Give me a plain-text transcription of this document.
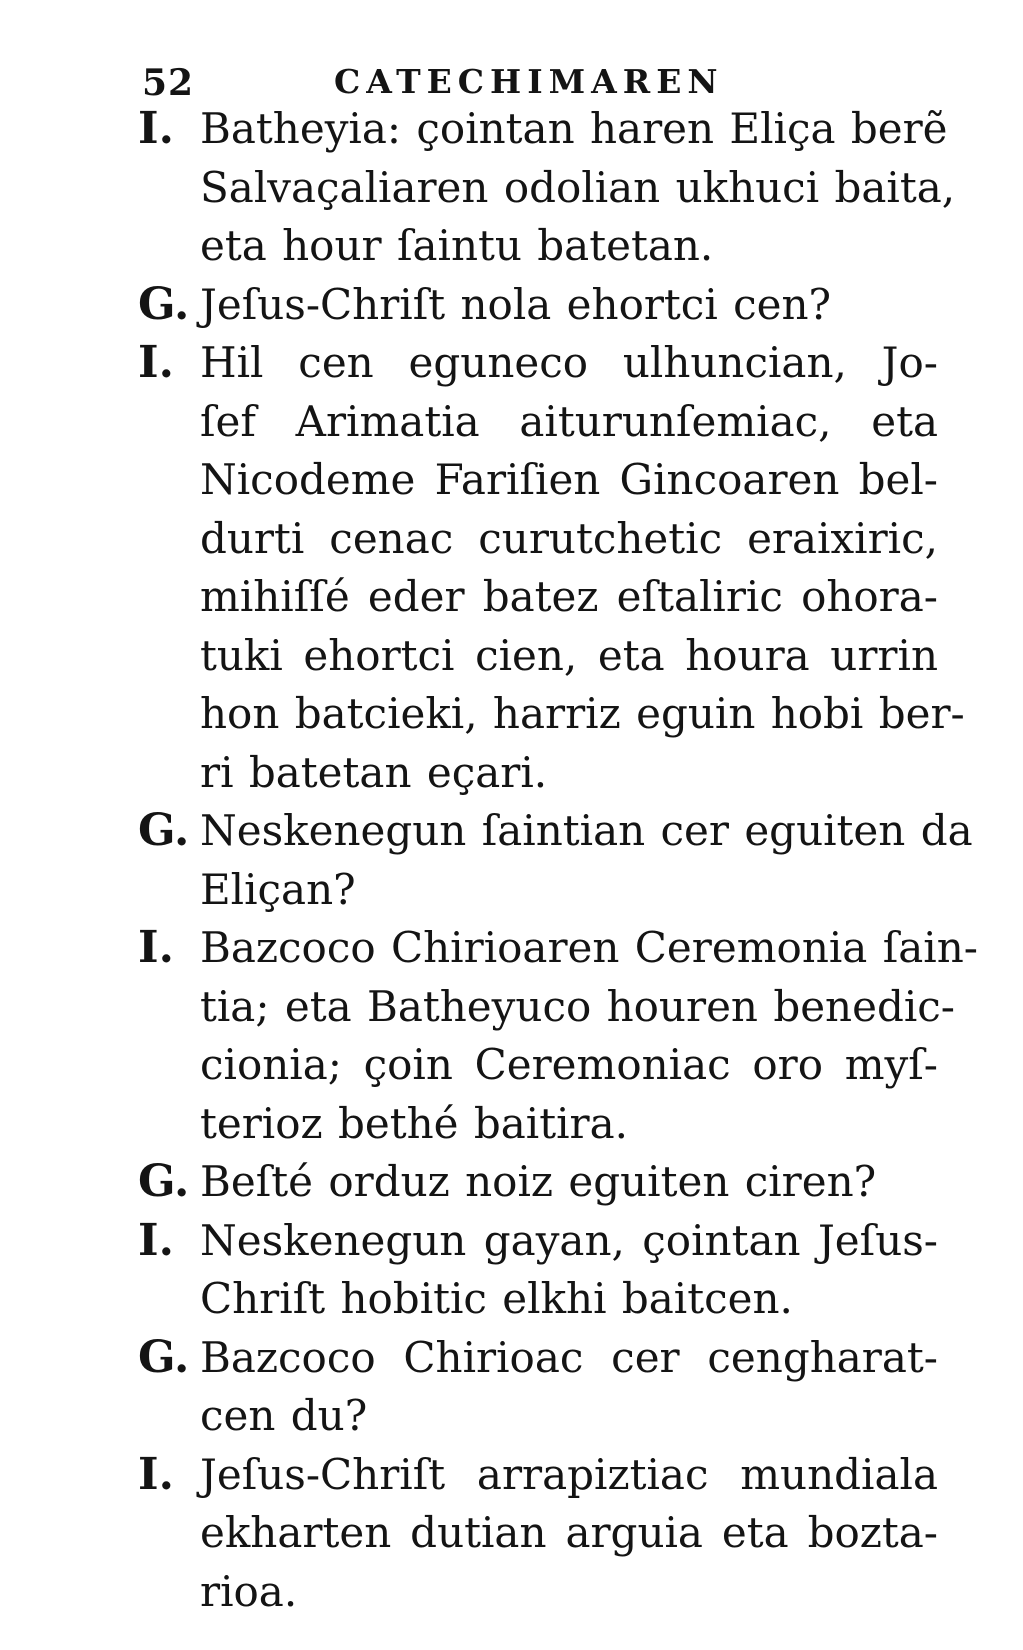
52	CATECHIMAREN
I. Batheyia: çointan haren Eliça berẽ
Salvaçaliaren odolian ukhuci baita,
eta hour ſaintu batetan.
G. Jeſus-Chriſt nola ehortci cen?
I. Hil cen eguneco ulhuncian, Jo-
ſef Arimatia aiturunſemiac, eta
Nicodeme Fariſien Gincoaren bel-
durti cenac curutchetic eraixiric,
mihiſſé eder batez eſtaliric ohora-
tuki ehortci cien, eta houra urrin
hon batcieki, harriz eguin hobi ber-
ri batetan eçari.
G. Neskenegun ſaintian cer eguiten da
Eliçan?
I. Bazcoco Chirioaren Ceremonia ſain-
tia; eta Batheyuco houren benedic-
cionia; çoin Ceremoniac oro myſ-
terioz bethé baitira.
G. Beſté orduz noiz eguiten ciren?
I. Neskenegun gayan, çointan Jeſus-
Chriſt hobitic elkhi baitcen.
G. Bazcoco Chirioac cer cengharat-
cen du?
I. Jeſus-Chriſt arrapiztiac mundiala
ekharten dutian arguia eta bozta-
rioa.
